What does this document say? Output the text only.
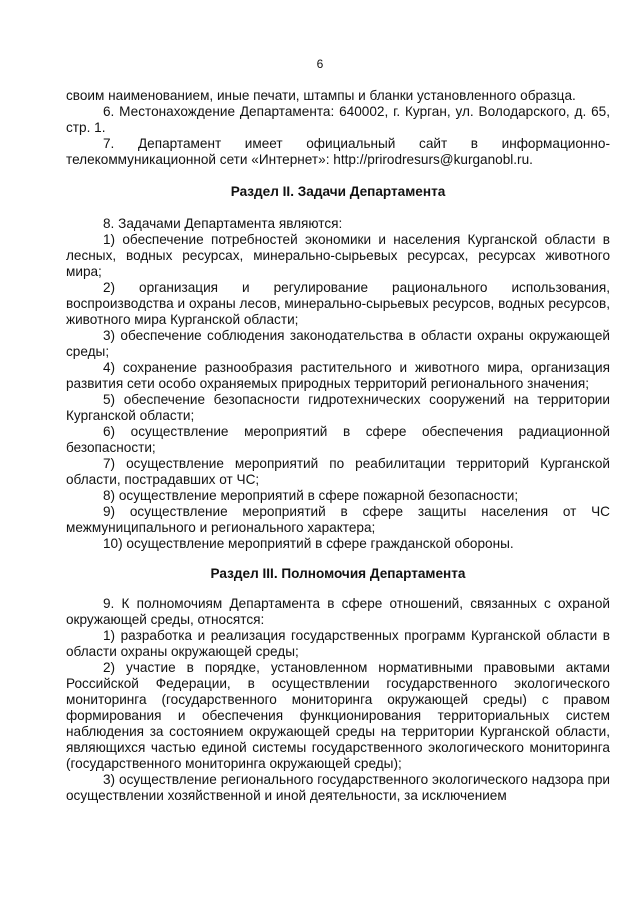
6

своим наименованием, иные печати, штампы и бланки установленного образца.

6. Местонахождение Департамента: 640002, г. Курган, ул. Володарского, д. 65, стр. 1.

7. Департамент имеет официальный сайт в информационно-телекоммуникационной сети «Интернет»: http://prirodresurs@kurganobl.ru.

Раздел II. Задачи Департамента

8. Задачами Департамента являются:

1) обеспечение потребностей экономики и населения Курганской области в лесных, водных ресурсах, минерально-сырьевых ресурсах, ресурсах животного мира;

2) организация и регулирование рационального использования, воспроизводства и охраны лесов, минерально-сырьевых ресурсов, водных ресурсов, животного мира Курганской области;

3) обеспечение соблюдения законодательства в области охраны окружающей среды;

4) сохранение разнообразия растительного и животного мира, организация развития сети особо охраняемых природных территорий регионального значения;

5) обеспечение безопасности гидротехнических сооружений на территории Курганской области;

6) осуществление мероприятий в сфере обеспечения радиационной безопасности;

7) осуществление мероприятий по реабилитации территорий Курганской области, пострадавших от ЧС;

8) осуществление мероприятий в сфере пожарной безопасности;

9) осуществление мероприятий в сфере защиты населения от ЧС межмуниципального и регионального характера;

10) осуществление мероприятий в сфере гражданской обороны.

Раздел III. Полномочия Департамента

9. К полномочиям Департамента в сфере отношений, связанных с охраной окружающей среды, относятся:

1) разработка и реализация государственных программ Курганской области в области охраны окружающей среды;

2) участие в порядке, установленном нормативными правовыми актами Российской Федерации, в осуществлении государственного экологического мониторинга (государственного мониторинга окружающей среды) с правом формирования и обеспечения функционирования территориальных систем наблюдения за состоянием окружающей среды на территории Курганской области, являющихся частью единой системы государственного экологического мониторинга (государственного мониторинга окружающей среды);

3) осуществление регионального государственного экологического надзора при осуществлении хозяйственной и иной деятельности, за исключением
